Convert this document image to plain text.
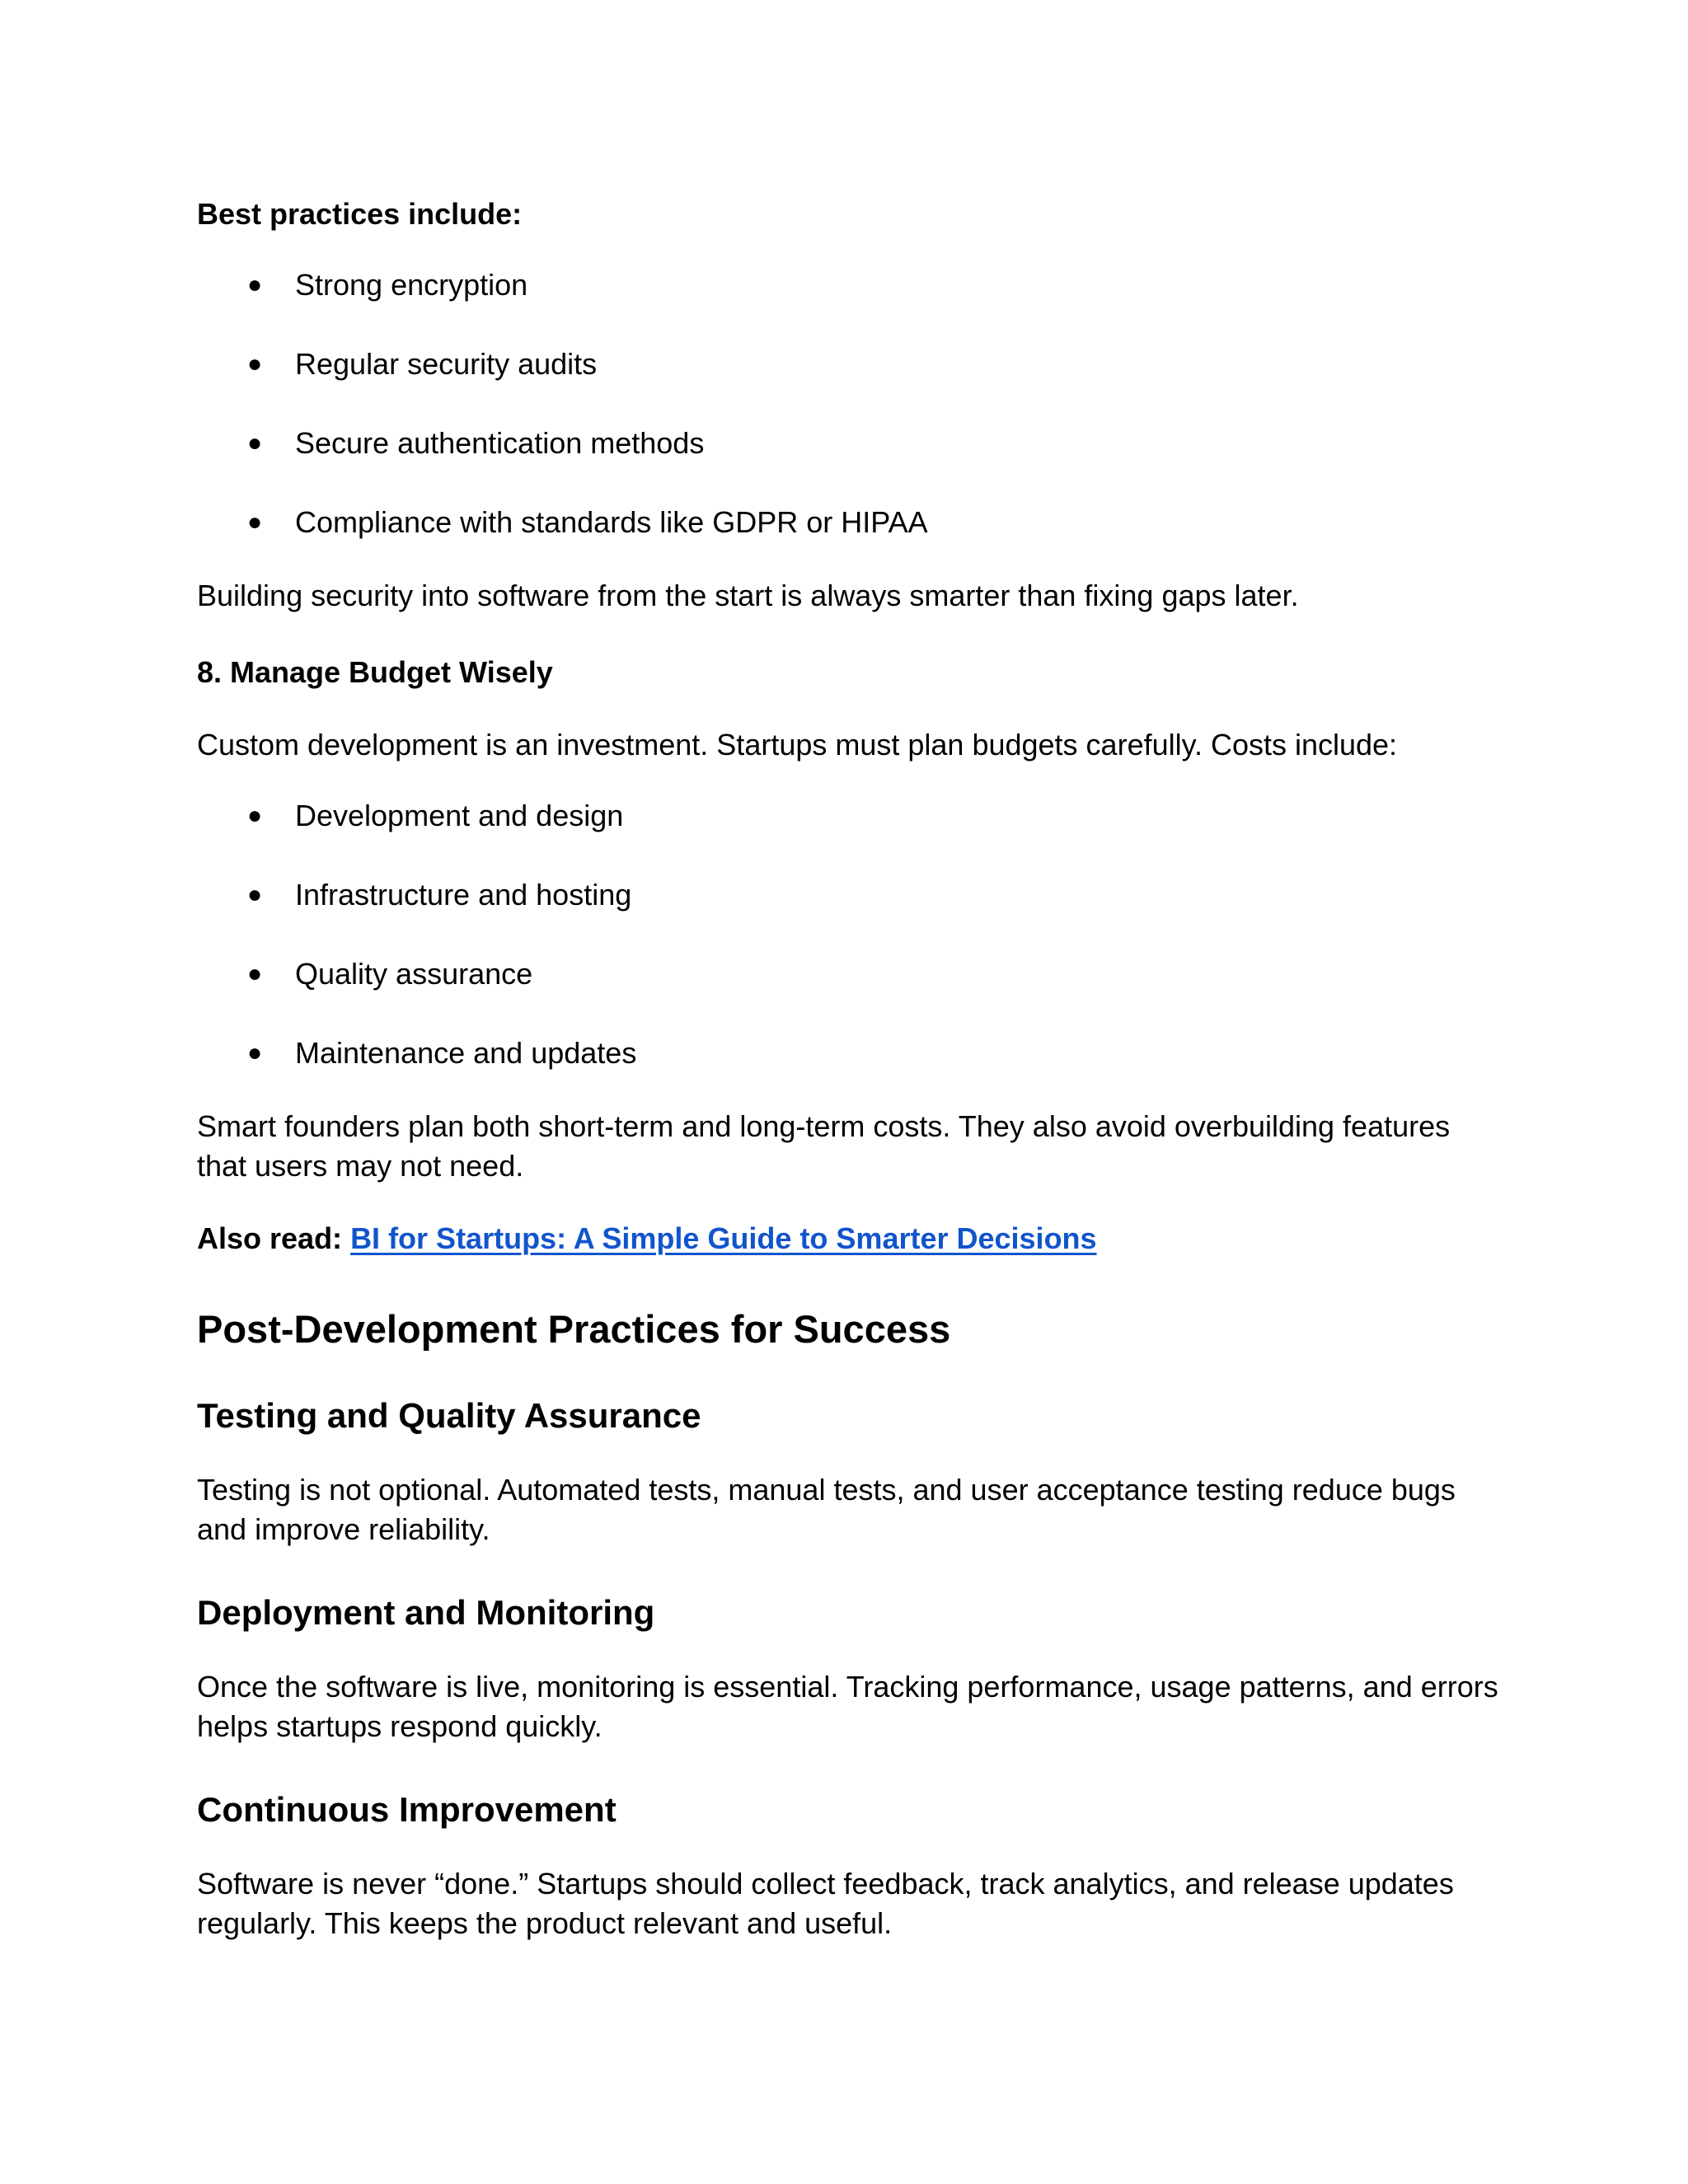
Best practices include:

● Strong encryption
● Regular security audits
● Secure authentication methods
● Compliance with standards like GDPR or HIPAA

Building security into software from the start is always smarter than fixing gaps later.

8. Manage Budget Wisely

Custom development is an investment. Startups must plan budgets carefully. Costs include:

● Development and design
● Infrastructure and hosting
● Quality assurance
● Maintenance and updates

Smart founders plan both short-term and long-term costs. They also avoid overbuilding features that users may not need.

Also read: BI for Startups: A Simple Guide to Smarter Decisions

Post-Development Practices for Success
Testing and Quality Assurance

Testing is not optional. Automated tests, manual tests, and user acceptance testing reduce bugs and improve reliability.

Deployment and Monitoring

Once the software is live, monitoring is essential. Tracking performance, usage patterns, and errors helps startups respond quickly.

Continuous Improvement

Software is never “done.” Startups should collect feedback, track analytics, and release updates regularly. This keeps the product relevant and useful.
